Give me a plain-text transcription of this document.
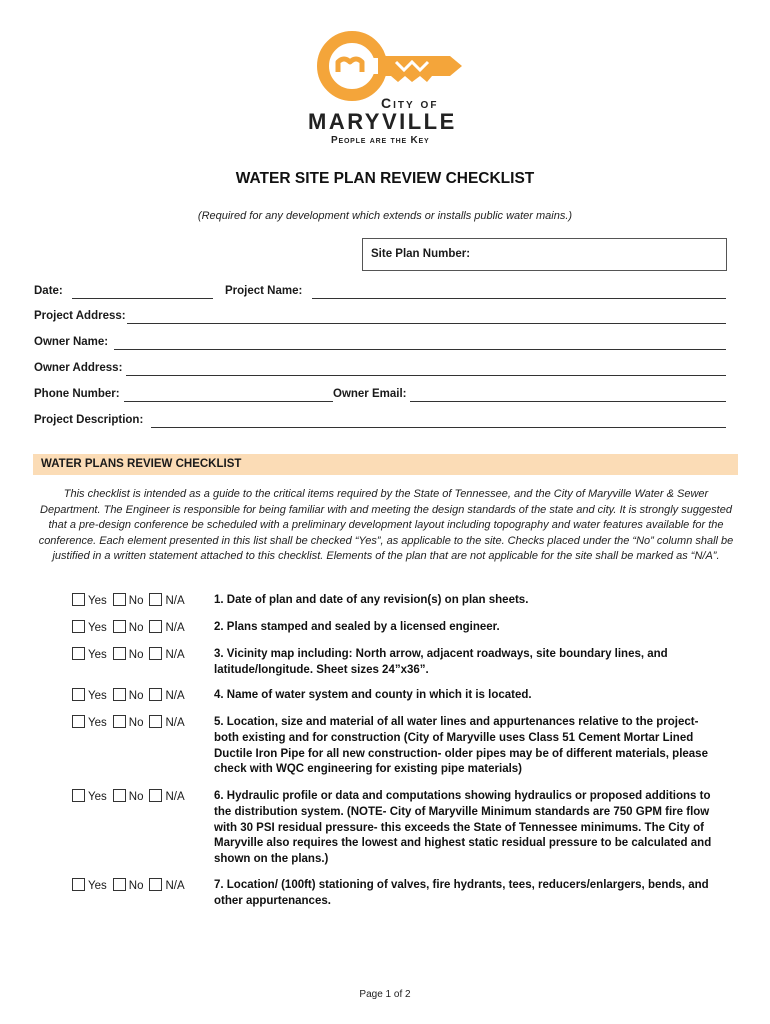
City of
MARYVILLE
People are the Key
WATER SITE PLAN REVIEW CHECKLIST
(Required for any development which extends or installs public water mains.)
Site Plan Number:
Date:	Project Name:
Project Address:
Owner Name:
Owner Address:
Phone Number:	Owner Email:
Project Description:
WATER PLANS REVIEW CHECKLIST
This checklist is intended as a guide to the critical items required by the State of Tennessee, and the City of Maryville Water & Sewer Department. The Engineer is responsible for being familiar with and meeting the design standards of the state and city. It is strongly suggested that a pre-design conference be scheduled with a preliminary development layout including topography and water features available for the conference. Each element presented in this list shall be checked “Yes”, as applicable to the site. Checks placed under the “No” column shall be justified in a written statement attached to this checklist. Elements of the plan that are not applicable for the site shall be marked as “N/A”.
Yes No N/A	1. Date of plan and date of any revision(s) on plan sheets.
Yes No N/A	2. Plans stamped and sealed by a licensed engineer.
Yes No N/A	3. Vicinity map including: North arrow, adjacent roadways, site boundary lines, and latitude/longitude. Sheet sizes 24”x36”.
Yes No N/A	4. Name of water system and county in which it is located.
Yes No N/A	5. Location, size and material of all water lines and appurtenances relative to the project- both existing and for construction (City of Maryville uses Class 51 Cement Mortar Lined Ductile Iron Pipe for all new construction- older pipes may be of different materials, please check with WQC engineering for existing pipe materials)
Yes No N/A	6. Hydraulic profile or data and computations showing hydraulics or proposed additions to the distribution system. (NOTE- City of Maryville Minimum standards are 750 GPM fire flow with 30 PSI residual pressure- this exceeds the State of Tennessee minimums. The City of Maryville also requires the lowest and highest static residual pressure to be calculated and shown on the plans.)
Yes No N/A	7. Location/ (100ft) stationing of valves, fire hydrants, tees, reducers/enlargers, bends, and other appurtenances.
Page 1 of 2
